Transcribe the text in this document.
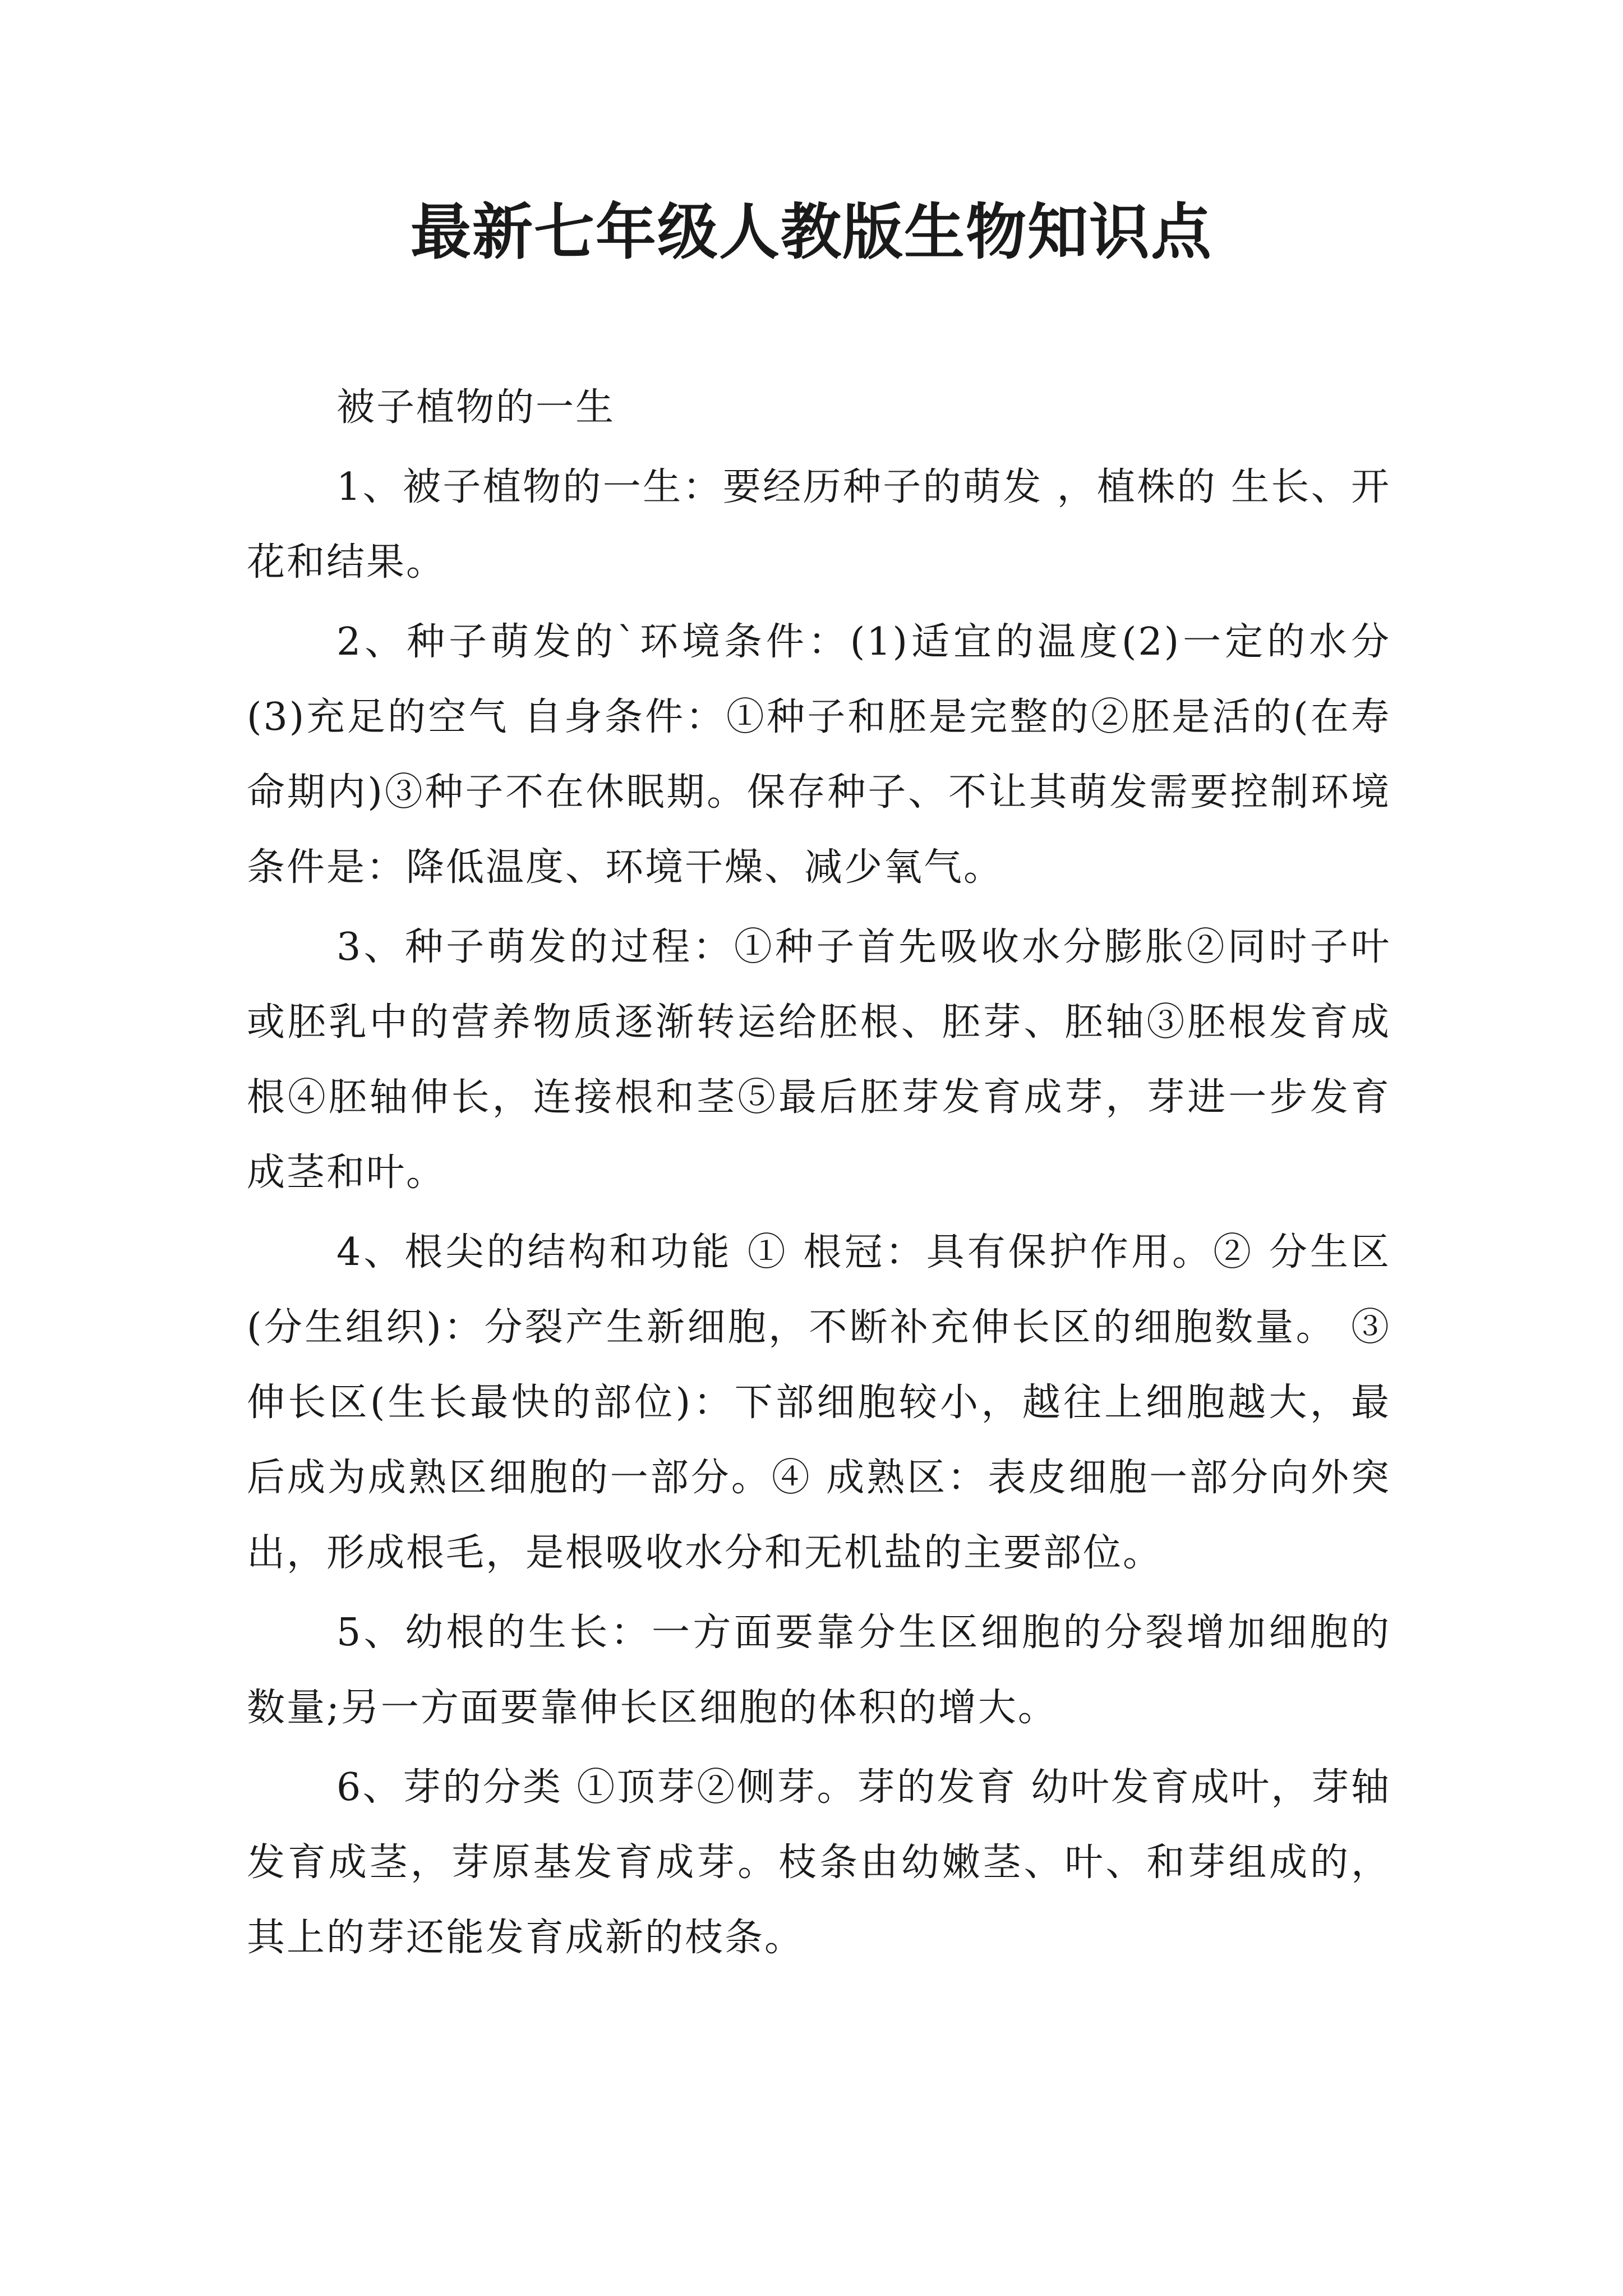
最新七年级人教版生物知识点

被子植物的一生

1、被子植物的一生：要经历种子的萌发 ，植株的 生长、开花和结果。

2、种子萌发的`环境条件：(1)适宜的温度(2)一定的水分(3)充足的空气 自身条件：①种子和胚是完整的②胚是活的(在寿命期内)③种子不在休眠期。保存种子、不让其萌发需要控制环境条件是：降低温度、环境干燥、减少氧气。

3、种子萌发的过程：①种子首先吸收水分膨胀②同时子叶或胚乳中的营养物质逐渐转运给胚根、胚芽、胚轴③胚根发育成根④胚轴伸长，连接根和茎⑤最后胚芽发育成芽，芽进一步发育成茎和叶。

4、根尖的结构和功能 ① 根冠：具有保护作用。② 分生区(分生组织)：分裂产生新细胞，不断补充伸长区的细胞数量。 ③ 伸长区(生长最快的部位)：下部细胞较小，越往上细胞越大，最后成为成熟区细胞的一部分。④ 成熟区：表皮细胞一部分向外突出，形成根毛，是根吸收水分和无机盐的主要部位。

5、幼根的生长：一方面要靠分生区细胞的分裂增加细胞的数量;另一方面要靠伸长区细胞的体积的增大。

6、芽的分类 ①顶芽②侧芽。芽的发育 幼叶发育成叶，芽轴发育成茎，芽原基发育成芽。枝条由幼嫩茎、叶、和芽组成的，其上的芽还能发育成新的枝条。
